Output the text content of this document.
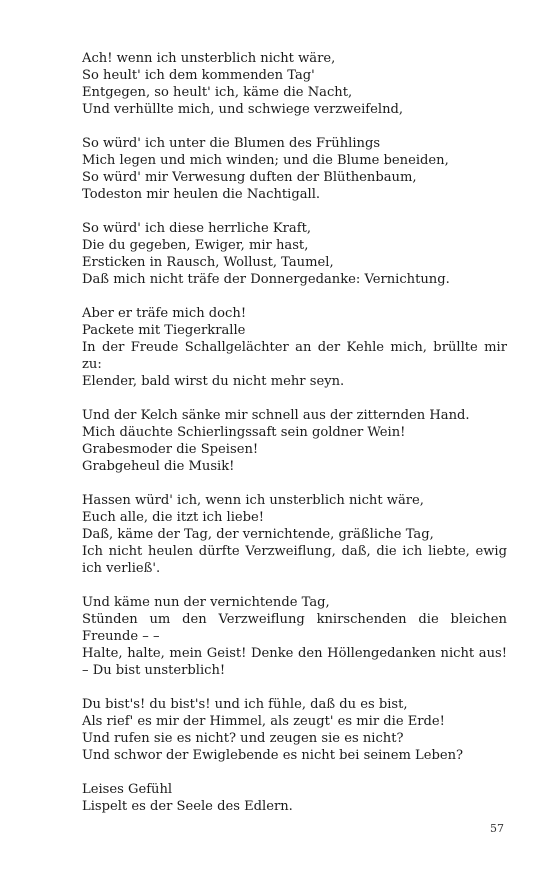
Ach! wenn ich unsterblich nicht wäre,
So heult' ich dem kommenden Tag'
Entgegen, so heult' ich, käme die Nacht,
Und verhüllte mich, und schwiege verzweifelnd,
So würd' ich unter die Blumen des Frühlings
Mich legen und mich winden; und die Blume beneiden,
So würd' mir Verwesung duften der Blüthenbaum,
Todeston mir heulen die Nachtigall.
So würd' ich diese herrliche Kraft,
Die du gegeben, Ewiger, mir hast,
Ersticken in Rausch, Wollust, Taumel,
Daß mich nicht träfe der Donnergedanke: Vernichtung.
Aber er träfe mich doch!
Packete mit Tiegerkralle
In der Freude Schallgelächter an der Kehle mich, brüllte mir zu:
Elender, bald wirst du nicht mehr seyn.
Und der Kelch sänke mir schnell aus der zitternden Hand.
Mich däuchte Schierlingssaft sein goldner Wein!
Grabesmoder die Speisen!
Grabgeheul die Musik!
Hassen würd' ich, wenn ich unsterblich nicht wäre,
Euch alle, die itzt ich liebe!
Daß, käme der Tag, der vernichtende, gräßliche Tag,
Ich nicht heulen dürfte Verzweiflung, daß, die ich liebte, ewig ich verließ'.
Und käme nun der vernichtende Tag,
Stünden um den Verzweiflung knirschenden die bleichen Freunde – –
Halte, halte, mein Geist! Denke den Höllengedanken nicht aus! – Du bist unsterblich!
Du bist's! du bist's! und ich fühle, daß du es bist,
Als rief' es mir der Himmel, als zeugt' es mir die Erde!
Und rufen sie es nicht? und zeugen sie es nicht?
Und schwor der Ewiglebende es nicht bei seinem Leben?
Leises Gefühl
Lispelt es der Seele des Edlern.
57
